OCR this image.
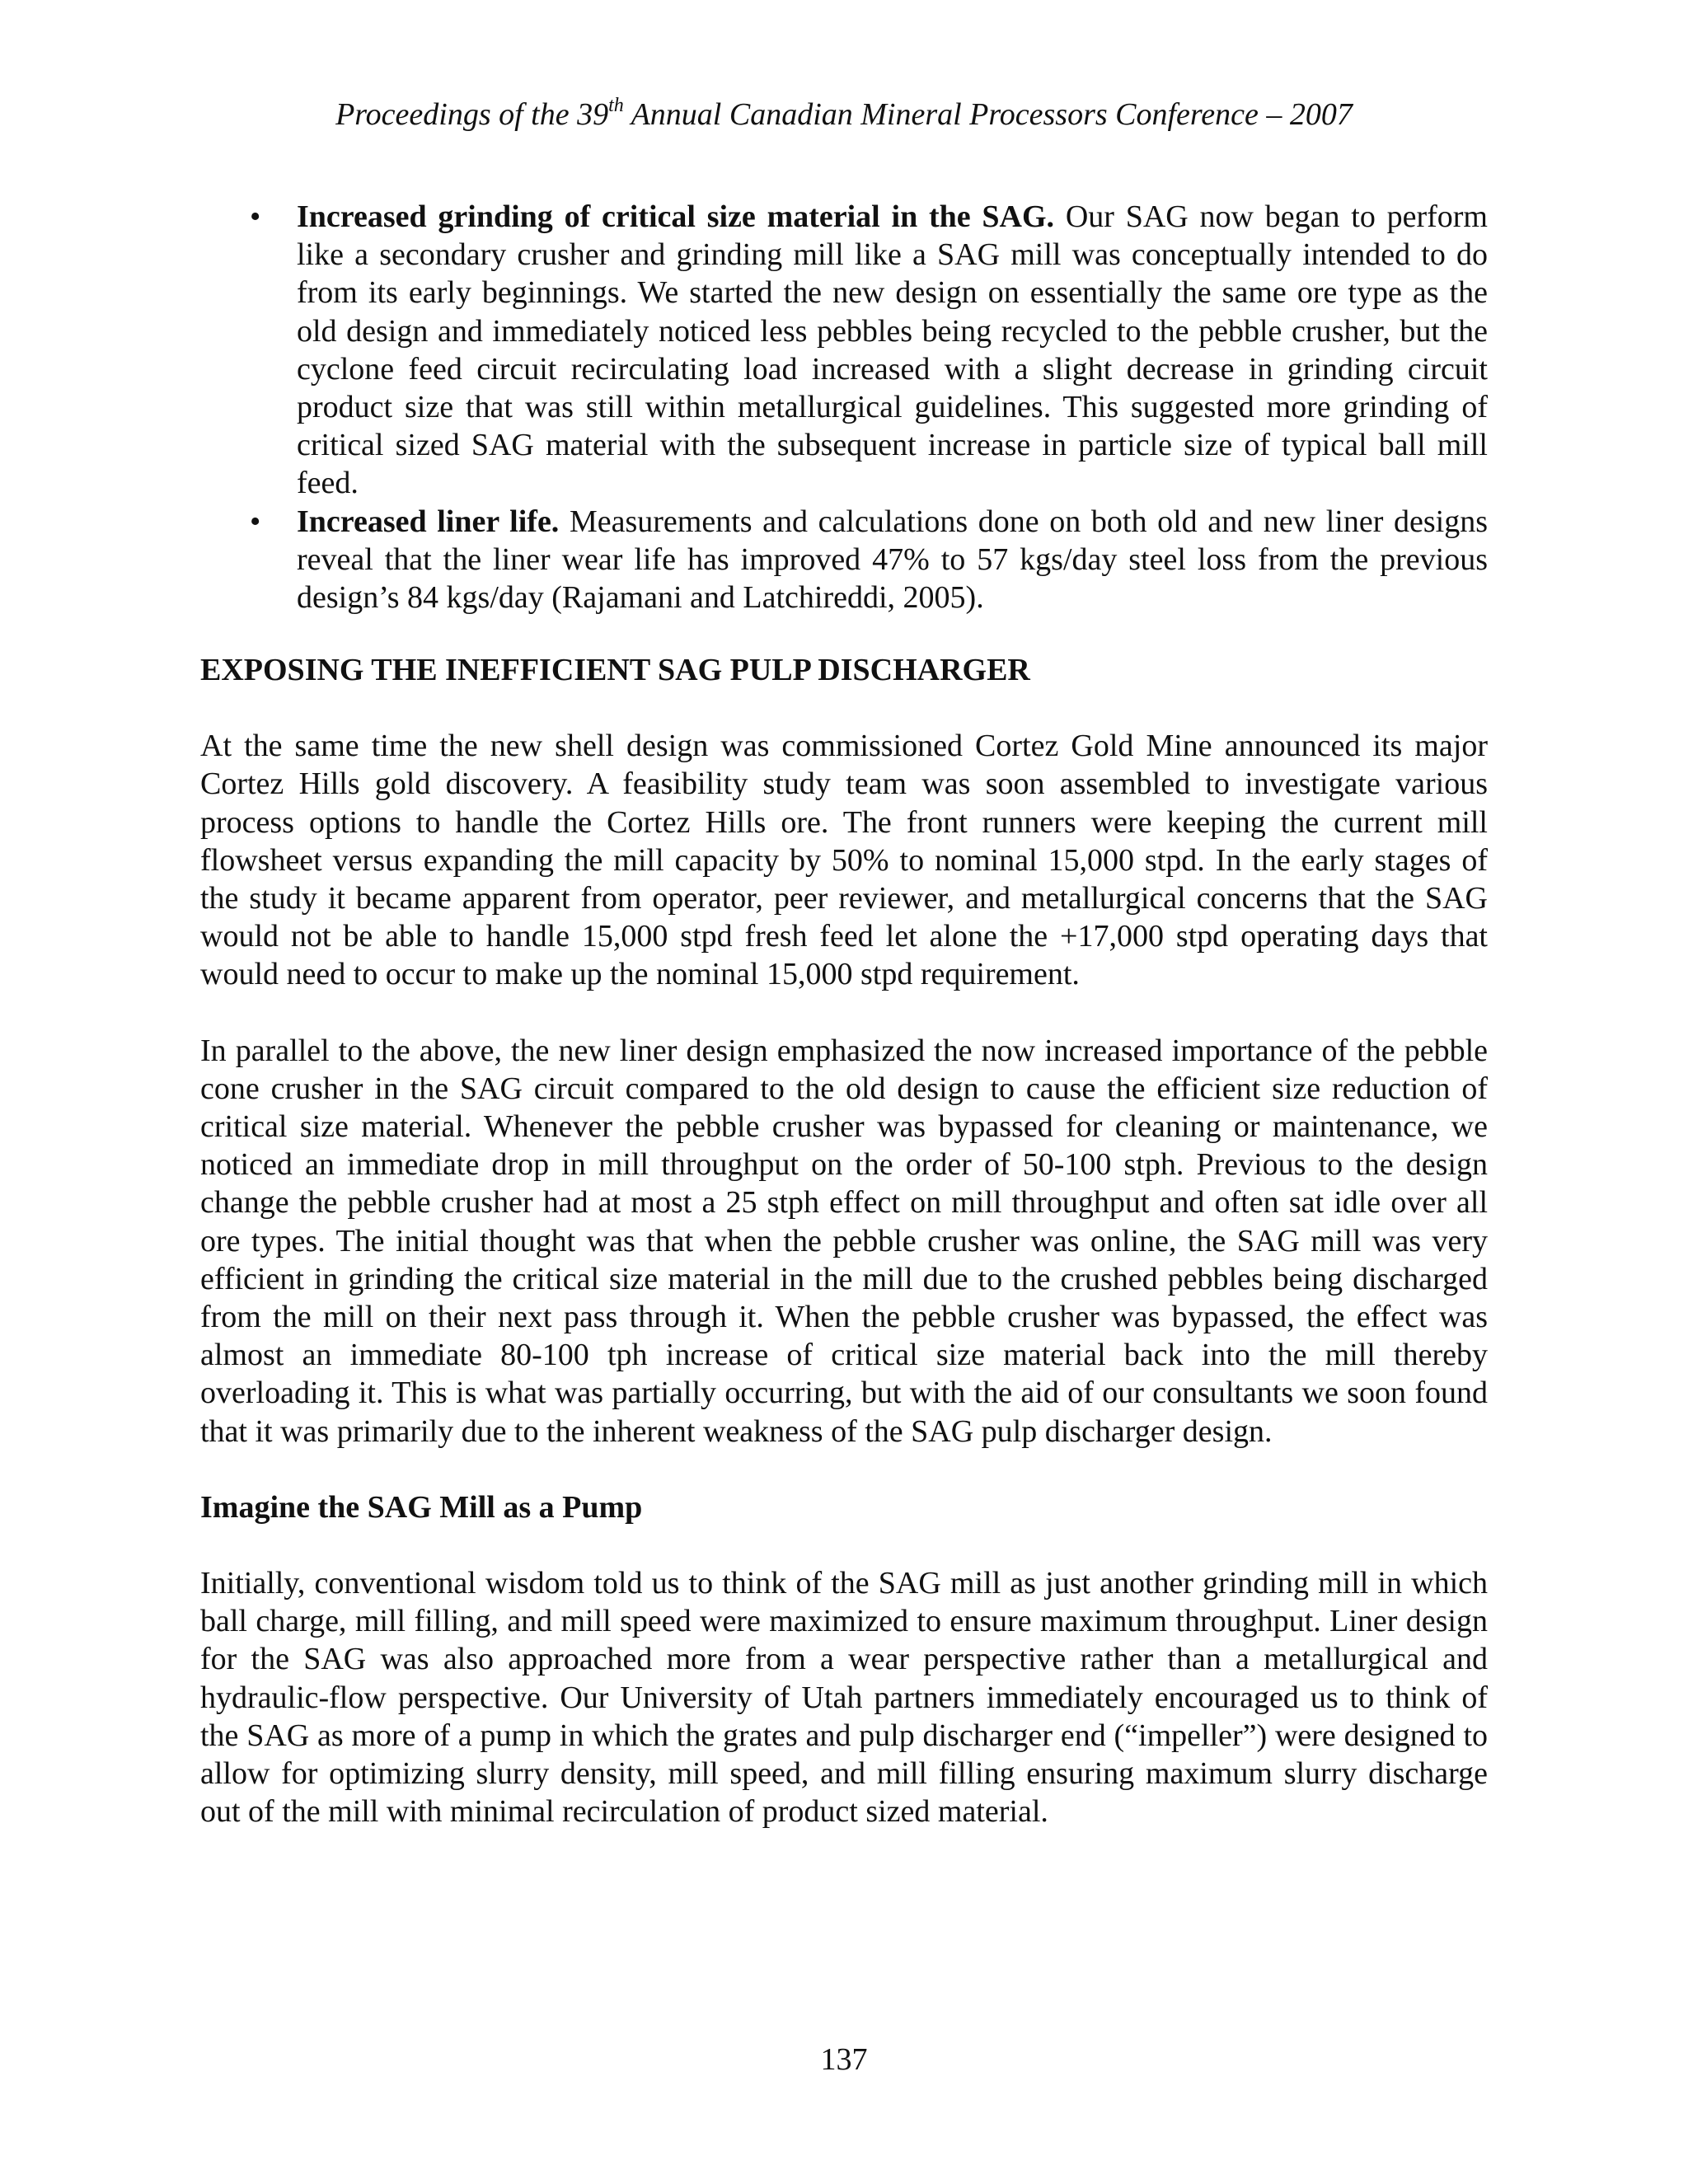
Proceedings of the 39th Annual Canadian Mineral Processors Conference – 2007
• Increased grinding of critical size material in the SAG. Our SAG now began to perform like a secondary crusher and grinding mill like a SAG mill was conceptually intended to do from its early beginnings. We started the new design on essentially the same ore type as the old design and immediately noticed less pebbles being recycled to the pebble crusher, but the cyclone feed circuit recirculating load increased with a slight decrease in grinding circuit product size that was still within metallurgical guidelines. This suggested more grinding of critical sized SAG material with the subsequent increase in particle size of typical ball mill feed.
• Increased liner life. Measurements and calculations done on both old and new liner designs reveal that the liner wear life has improved 47% to 57 kgs/day steel loss from the previous design’s 84 kgs/day (Rajamani and Latchireddi, 2005).
EXPOSING THE INEFFICIENT SAG PULP DISCHARGER

At the same time the new shell design was commissioned Cortez Gold Mine announced its major Cortez Hills gold discovery. A feasibility study team was soon assembled to investigate various process options to handle the Cortez Hills ore. The front runners were keeping the current mill flowsheet versus expanding the mill capacity by 50% to nominal 15,000 stpd. In the early stages of the study it became apparent from operator, peer reviewer, and metallurgical concerns that the SAG would not be able to handle 15,000 stpd fresh feed let alone the +17,000 stpd operating days that would need to occur to make up the nominal 15,000 stpd requirement.

In parallel to the above, the new liner design emphasized the now increased importance of the pebble cone crusher in the SAG circuit compared to the old design to cause the efficient size reduction of critical size material. Whenever the pebble crusher was bypassed for cleaning or maintenance, we noticed an immediate drop in mill throughput on the order of 50-100 stph. Previous to the design change the pebble crusher had at most a 25 stph effect on mill throughput and often sat idle over all ore types. The initial thought was that when the pebble crusher was online, the SAG mill was very efficient in grinding the critical size material in the mill due to the crushed pebbles being discharged from the mill on their next pass through it. When the pebble crusher was bypassed, the effect was almost an immediate 80-100 tph increase of critical size material back into the mill thereby overloading it. This is what was partially occurring, but with the aid of our consultants we soon found that it was primarily due to the inherent weakness of the SAG pulp discharger design.

Imagine the SAG Mill as a Pump

Initially, conventional wisdom told us to think of the SAG mill as just another grinding mill in which ball charge, mill filling, and mill speed were maximized to ensure maximum throughput. Liner design for the SAG was also approached more from a wear perspective rather than a metallurgical and hydraulic-flow perspective. Our University of Utah partners immediately encouraged us to think of the SAG as more of a pump in which the grates and pulp discharger end (“impeller”) were designed to allow for optimizing slurry density, mill speed, and mill filling ensuring maximum slurry discharge out of the mill with minimal recirculation of product sized material.

137
